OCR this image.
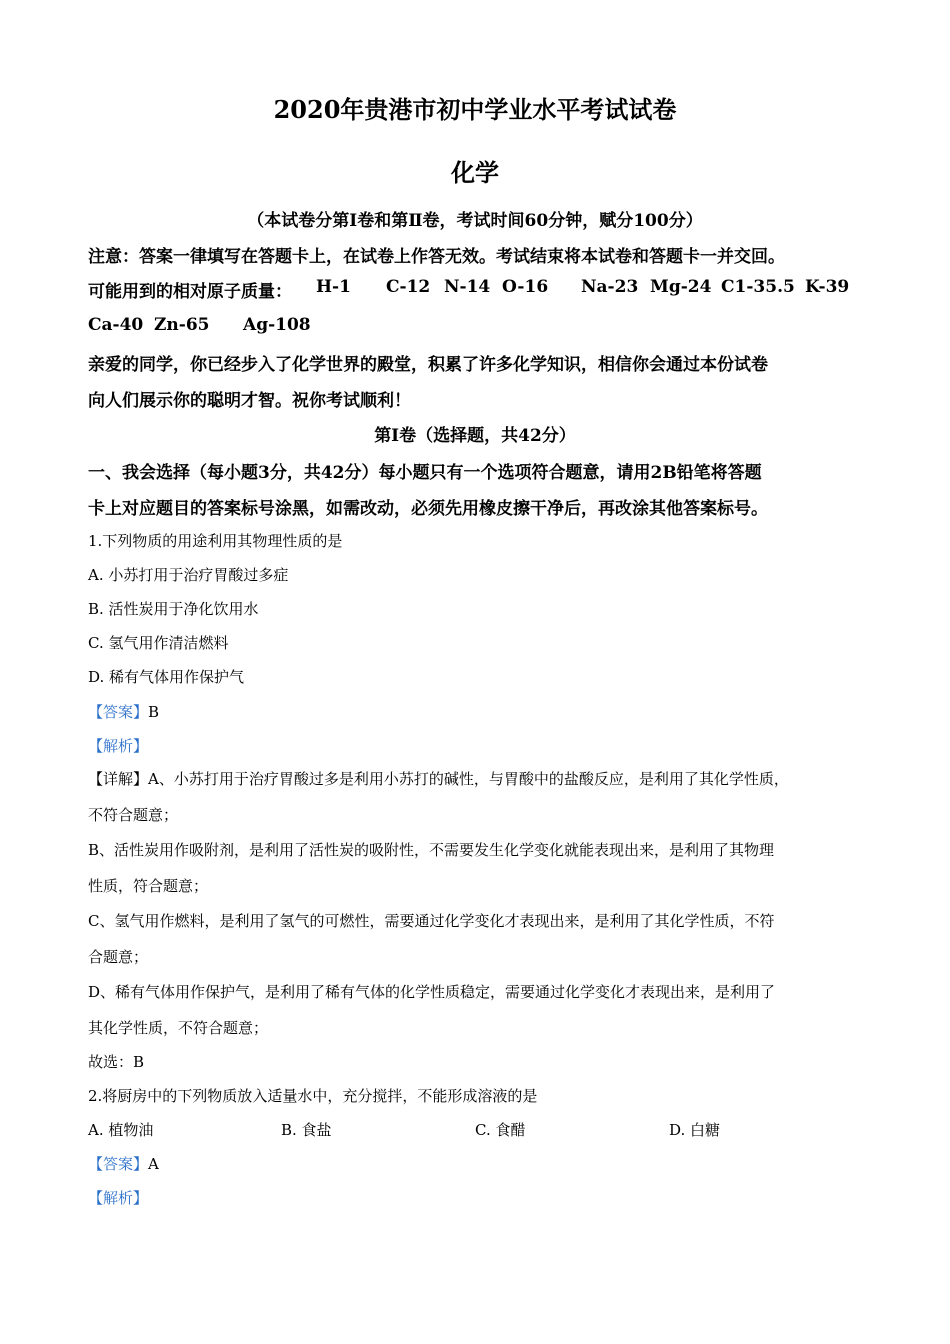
2020年贵港市初中学业水平考试试卷
化学
（本试卷分第Ⅰ卷和第Ⅱ卷，考试时间60分钟，赋分100分）
注意：答案一律填写在答题卡上，在试卷上作答无效。考试结束将本试卷和答题卡一并交回。
可能用到的相对原子质量： H-1 C-12 N-14 O-16 Na-23 Mg-24 C1-35.5 K-39
Ca-40 Zn-65 Ag-108
亲爱的同学，你已经步入了化学世界的殿堂，积累了许多化学知识，相信你会通过本份试卷
向人们展示你的聪明才智。祝你考试顺利！
第I卷（选择题，共42分）
一、我会选择（每小题3分，共42分）每小题只有一个选项符合题意，请用2B铅笔将答题
卡上对应题目的答案标号涂黑，如需改动，必须先用橡皮擦干净后，再改涂其他答案标号。
1.下列物质的用途利用其物理性质的是
A. 小苏打用于治疗胃酸过多症
B. 活性炭用于净化饮用水
C. 氢气用作清洁燃料
D. 稀有气体用作保护气
【答案】B
【解析】
【详解】A、小苏打用于治疗胃酸过多是利用小苏打的碱性，与胃酸中的盐酸反应，是利用了其化学性质，
不符合题意；
B、活性炭用作吸附剂，是利用了活性炭的吸附性，不需要发生化学变化就能表现出来，是利用了其物理
性质，符合题意；
C、氢气用作燃料，是利用了氢气的可燃性，需要通过化学变化才表现出来，是利用了其化学性质，不符
合题意；
D、稀有气体用作保护气，是利用了稀有气体的化学性质稳定，需要通过化学变化才表现出来，是利用了
其化学性质，不符合题意；
故选：B
2.将厨房中的下列物质放入适量水中，充分搅拌，不能形成溶液的是
A. 植物油	B. 食盐	C. 食醋	D. 白糖
【答案】A
【解析】
